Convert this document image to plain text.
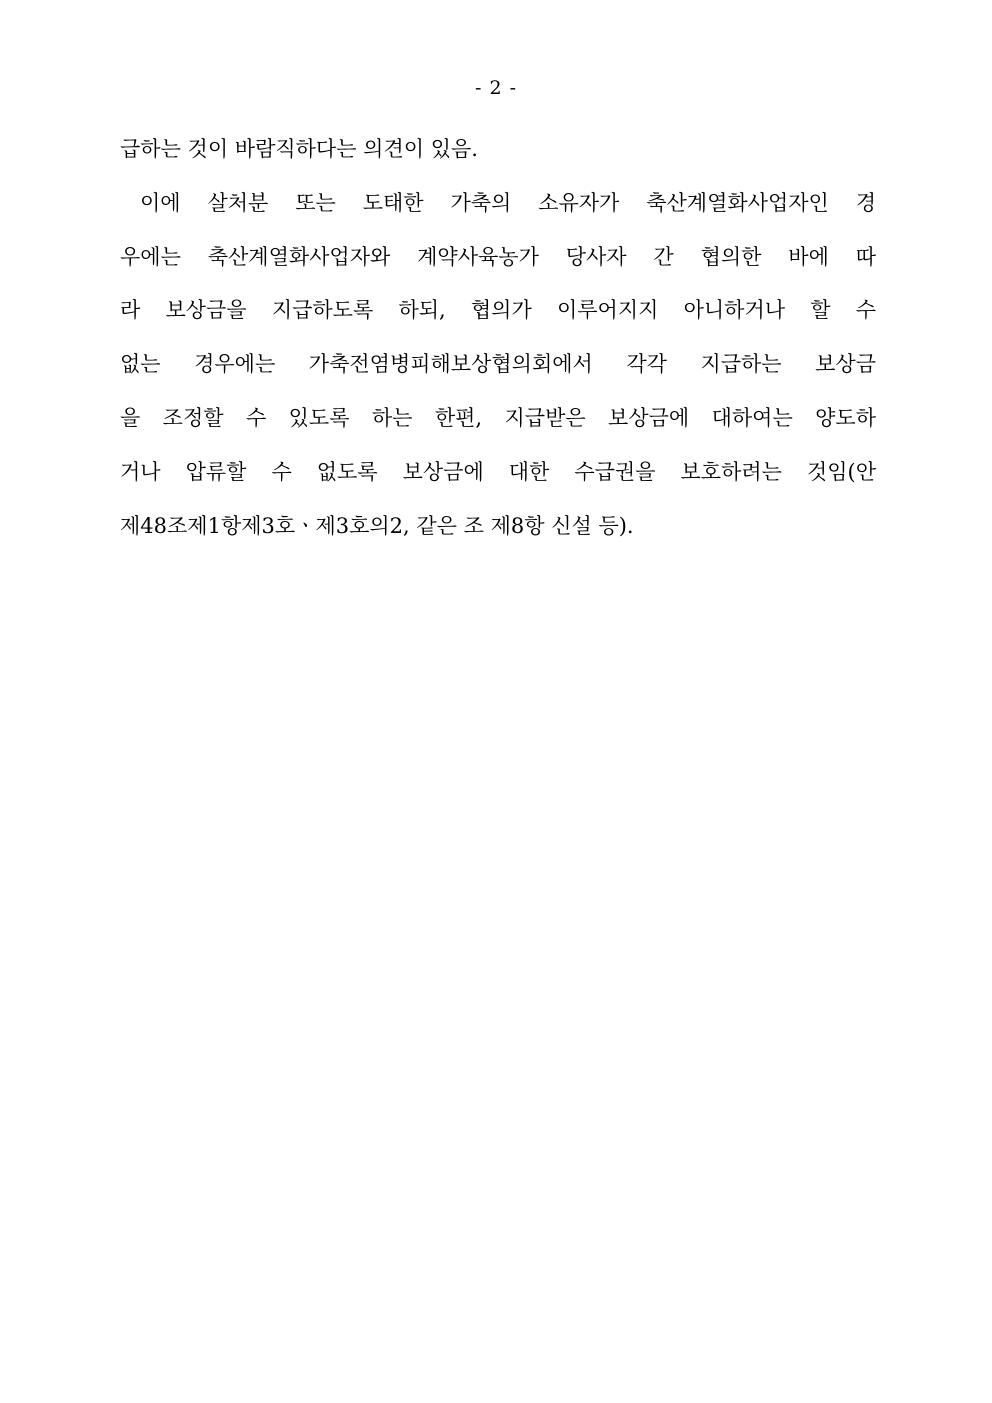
- 2 -
급하는 것이 바람직하다는 의견이 있음.
이에 살처분 또는 도태한 가축의 소유자가 축산계열화사업자인 경
우에는 축산계열화사업자와 계약사육농가 당사자 간 협의한 바에 따
라 보상금을 지급하도록 하되, 협의가 이루어지지 아니하거나 할 수
없는 경우에는 가축전염병피해보상협의회에서 각각 지급하는 보상금
을 조정할 수 있도록 하는 한편, 지급받은 보상금에 대하여는 양도하
거나 압류할 수 없도록 보상금에 대한 수급권을 보호하려는 것임(안
제48조제1항제3호ㆍ제3호의2, 같은 조 제8항 신설 등).
